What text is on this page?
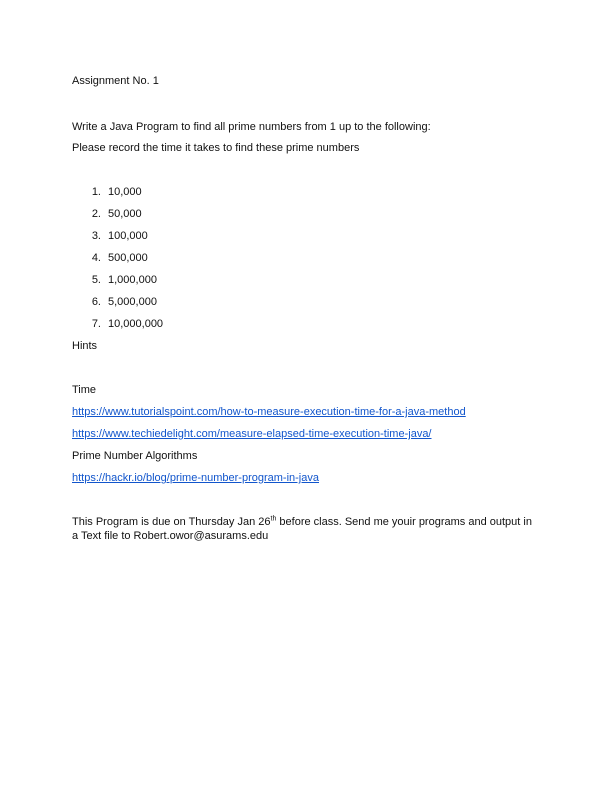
Assignment No. 1
Write a Java Program to find all prime numbers from 1 up to the following:
Please record the time it takes to find these prime numbers
1. 10,000
2. 50,000
3. 100,000
4. 500,000
5. 1,000,000
6. 5,000,000
7. 10,000,000
Hints
Time
https://www.tutorialspoint.com/how-to-measure-execution-time-for-a-java-method
https://www.techiedelight.com/measure-elapsed-time-execution-time-java/
Prime Number Algorithms
https://hackr.io/blog/prime-number-program-in-java
This Program is due on Thursday Jan 26th before class. Send me youir programs and output in
a Text file to Robert.owor@asurams.edu
